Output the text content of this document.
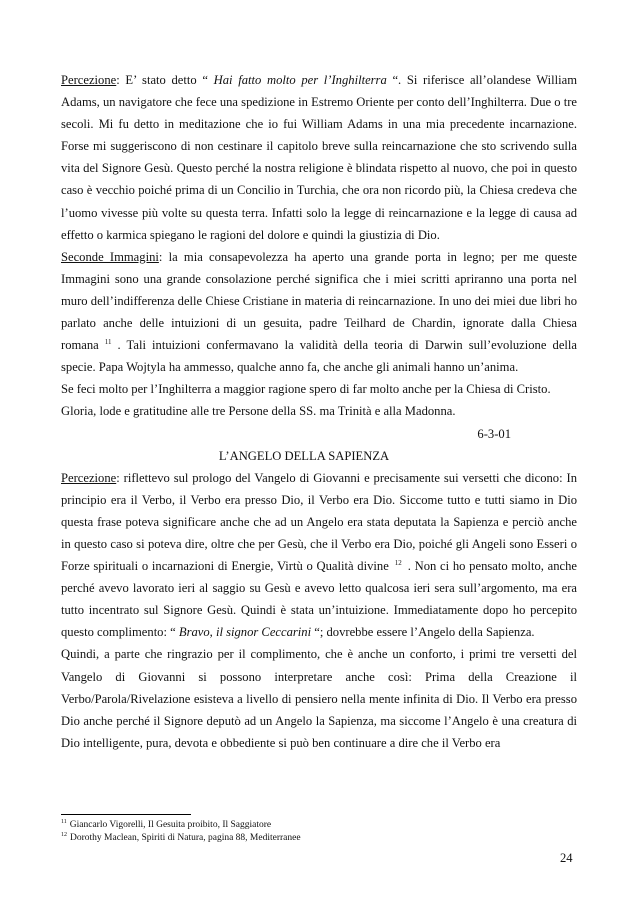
Percezione: E’ stato detto “ Hai fatto molto per l’Inghilterra “. Si riferisce all’olandese William Adams, un navigatore che fece una spedizione in Estremo Oriente per conto dell’Inghilterra. Due o tre secoli. Mi fu detto in meditazione che io fui William Adams in una mia precedente incarnazione. Forse mi suggeriscono di non cestinare il capitolo breve sulla reincarnazione che sto scrivendo sulla vita del Signore Gesù. Questo perché la nostra religione è blindata rispetto al nuovo, che poi in questo caso è vecchio poiché prima di un Concilio in Turchia, che ora non ricordo più, la Chiesa credeva che l’uomo vivesse più volte su questa terra. Infatti solo la legge di reincarnazione e la legge di causa ad effetto o karmica spiegano le ragioni del dolore e quindi la giustizia di Dio.

Seconde Immagini: la mia consapevolezza ha aperto una grande porta in legno; per me queste Immagini sono una grande consolazione perché significa che i miei scritti apriranno una porta nel muro dell’indifferenza delle Chiese Cristiane in materia di reincarnazione. In uno dei miei due libri ho parlato anche delle intuizioni di un gesuita, padre Teilhard de Chardin, ignorate dalla Chiesa romana $^{11}$ . Tali intuizioni confermavano la validità della teoria di Darwin sull’evoluzione della specie. Papa Wojtyla ha ammesso, qualche anno fa, che anche gli animali hanno un’anima.

Se feci molto per l’Inghilterra a maggior ragione spero di far molto anche per la Chiesa di Cristo.

Gloria, lode e gratitudine alle tre Persone della SS. ma Trinità e alla Madonna.

6-3-01

L’ANGELO DELLA SAPIENZA

Percezione: riflettevo sul prologo del Vangelo di Giovanni e precisamente sui versetti che dicono: In principio era il Verbo, il Verbo era presso Dio, il Verbo era Dio. Siccome tutto e tutti siamo in Dio questa frase poteva significare anche che ad un Angelo era stata deputata la Sapienza e perciò anche in questo caso si poteva dire, oltre che per Gesù, che il Verbo era Dio, poiché gli Angeli sono Esseri o Forze spirituali o incarnazioni di Energie, Virtù o Qualità divine $^{12}$ . Non ci ho pensato molto, anche perché avevo lavorato ieri al saggio su Gesù e avevo letto qualcosa ieri sera sull’argomento, ma era tutto incentrato sul Signore Gesù. Quindi è stata un’intuizione. Immediatamente dopo ho percepito questo complimento: “ Bravo, il signor Ceccarini “; dovrebbe essere l’Angelo della Sapienza.

Quindi, a parte che ringrazio per il complimento, che è anche un conforto, i primi tre versetti del Vangelo di Giovanni si possono interpretare anche così: Prima della Creazione il Verbo/Parola/Rivelazione esisteva a livello di pensiero nella mente infinita di Dio. Il Verbo era presso Dio anche perché il Signore deputò ad un Angelo la Sapienza, ma siccome l’Angelo è una creatura di Dio intelligente, pura, devota e obbediente si può ben continuare a dire che il Verbo era

$^{11}$ Giancarlo Vigorelli, Il Gesuita proibito, Il Saggiatore
$^{12}$ Dorothy Maclean, Spiriti di Natura, pagina 88, Mediterranee
24
